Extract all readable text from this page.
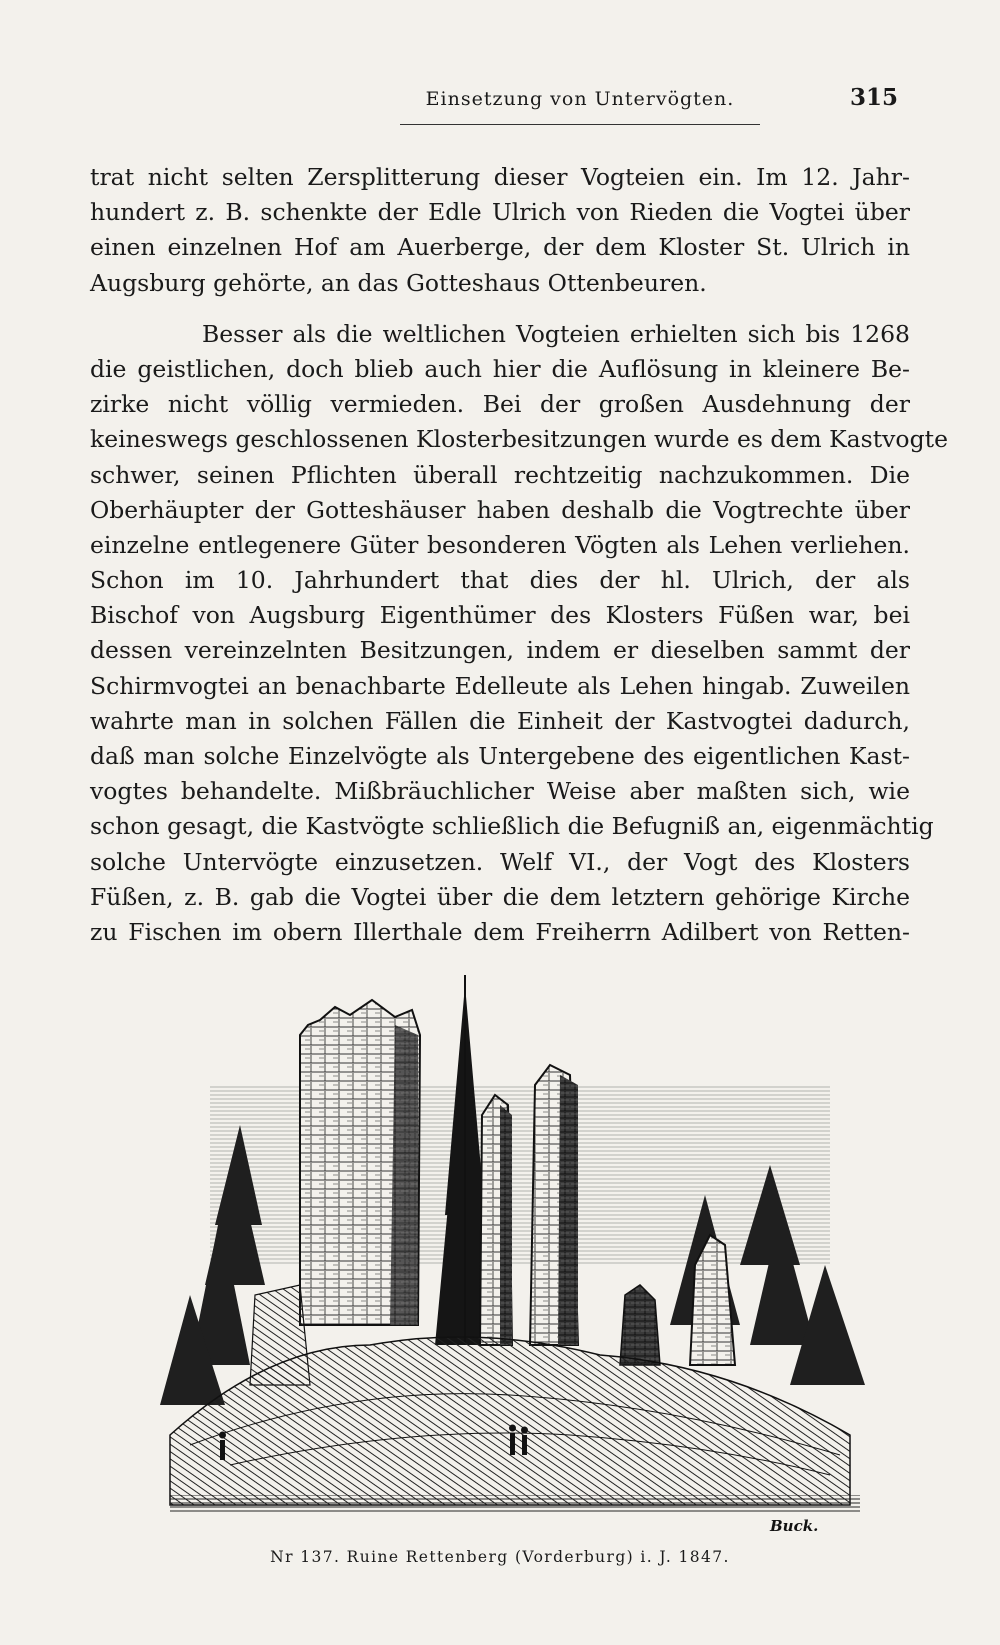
Einsetzung von Untervögten.	315
trat nicht selten Zersplitterung dieser Vogteien ein. Im 12. Jahr-
hundert z. B. schenkte der Edle Ulrich von Rieden die Vogtei über
einen einzelnen Hof am Auerberge, der dem Kloster St. Ulrich in
Augsburg gehörte, an das Gotteshaus Ottenbeuren.
Besser als die weltlichen Vogteien erhielten sich bis 1268
die geistlichen, doch blieb auch hier die Auflösung in kleinere Be-
zirke nicht völlig vermieden. Bei der großen Ausdehnung der
keineswegs geschlossenen Klosterbesitzungen wurde es dem Kastvogte
schwer, seinen Pflichten überall rechtzeitig nachzukommen. Die
Oberhäupter der Gotteshäuser haben deshalb die Vogtrechte über
einzelne entlegenere Güter besonderen Vögten als Lehen verliehen.
Schon im 10. Jahrhundert that dies der hl. Ulrich, der als
Bischof von Augsburg Eigenthümer des Klosters Füßen war, bei
dessen vereinzelnten Besitzungen, indem er dieselben sammt der
Schirmvogtei an benachbarte Edelleute als Lehen hingab. Zuweilen
wahrte man in solchen Fällen die Einheit der Kastvogtei dadurch,
daß man solche Einzelvögte als Untergebene des eigentlichen Kast-
vogtes behandelte. Mißbräuchlicher Weise aber maßten sich, wie
schon gesagt, die Kastvögte schließlich die Befugniß an, eigenmächtig
solche Untervögte einzusetzen. Welf VI., der Vogt des Klosters
Füßen, z. B. gab die Vogtei über die dem letztern gehörige Kirche
zu Fischen im obern Illerthale dem Freiherrn Adilbert von Retten-
Buck.
Nr 137. Ruine Rettenberg (Vorderburg) i. J. 1847.
